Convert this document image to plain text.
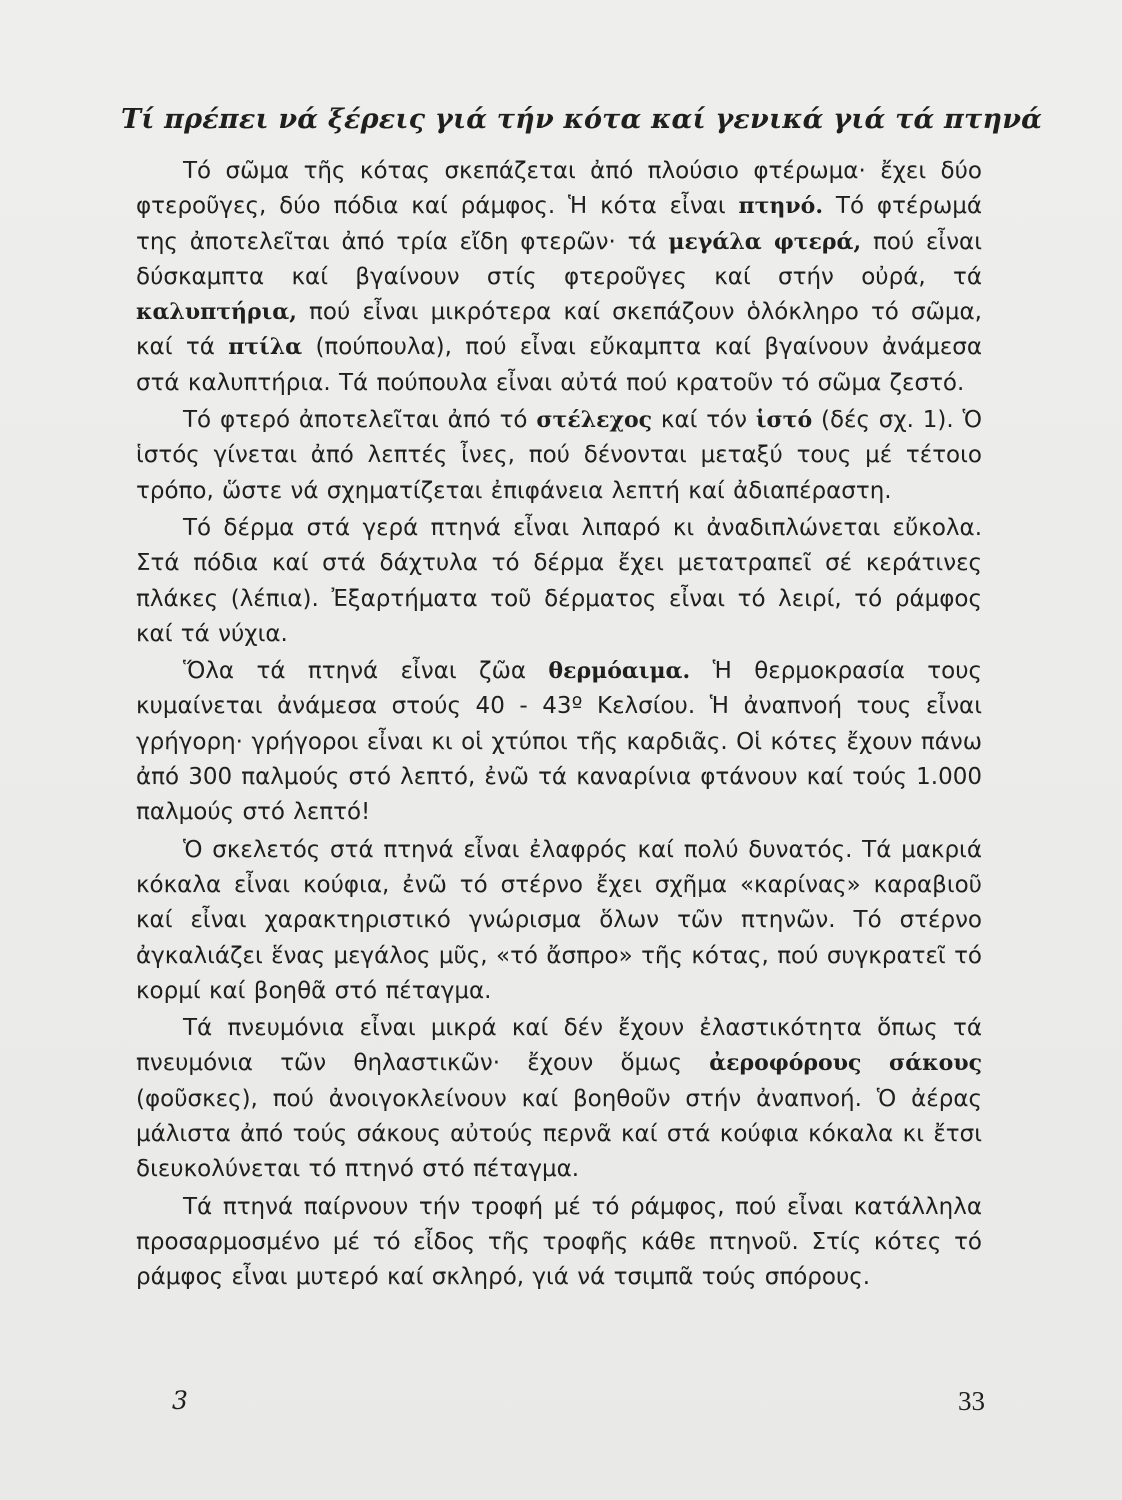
Τί πρέπει νά ξέρεις γιά τήν κότα καί γενικά γιά τά πτηνά

Τό σῶμα τῆς κότας σκεπάζεται ἀπό πλούσιο φτέρωμα· ἔχει δύο φτεροῦγες, δύο πόδια καί ράμφος. Ἡ κότα εἶναι πτηνό. Τό φτέρωμά της ἀποτελεῖται ἀπό τρία εἴδη φτερῶν· τά μεγάλα φτερά, πού εἶναι δύσκαμπτα καί βγαίνουν στίς φτεροῦγες καί στήν οὐρά, τά καλυπτήρια, πού εἶναι μικρότερα καί σκεπάζουν ὁλόκληρο τό σῶμα, καί τά πτίλα (πούπουλα), πού εἶναι εὔκαμπτα καί βγαίνουν ἀνάμεσα στά καλυπτήρια. Τά πούπουλα εἶναι αὐτά πού κρατοῦν τό σῶμα ζεστό.

Τό φτερό ἀποτελεῖται ἀπό τό στέλεχος καί τόν ἱστό (δές σχ. 1). Ὁ ἱστός γίνεται ἀπό λεπτές ἶνες, πού δένονται μεταξύ τους μέ τέτοιο τρόπο, ὥστε νά σχηματίζεται ἐπιφάνεια λεπτή καί ἀδιαπέραστη.

Τό δέρμα στά γερά πτηνά εἶναι λιπαρό κι ἀναδιπλώνεται εὔκολα. Στά πόδια καί στά δάχτυλα τό δέρμα ἔχει μετατραπεῖ σέ κεράτινες πλάκες (λέπια). Ἐξαρτήματα τοῦ δέρματος εἶναι τό λειρί, τό ράμφος καί τά νύχια.

Ὅλα τά πτηνά εἶναι ζῶα θερμόαιμα. Ἡ θερμοκρασία τους κυμαίνεται ἀνάμεσα στούς 40 - 43º Κελσίου. Ἡ ἀναπνοή τους εἶναι γρήγορη· γρήγοροι εἶναι κι οἱ χτύποι τῆς καρδιᾶς. Οἱ κότες ἔχουν πάνω ἀπό 300 παλμούς στό λεπτό, ἐνῶ τά καναρίνια φτάνουν καί τούς 1.000 παλμούς στό λεπτό!

Ὁ σκελετός στά πτηνά εἶναι ἐλαφρός καί πολύ δυνατός. Τά μακριά κόκαλα εἶναι κούφια, ἐνῶ τό στέρνο ἔχει σχῆμα «καρίνας» καραβιοῦ καί εἶναι χαρακτηριστικό γνώρισμα ὅλων τῶν πτηνῶν. Τό στέρνο ἀγκαλιάζει ἕνας μεγάλος μῦς, «τό ἄσπρο» τῆς κότας, πού συγκρατεῖ τό κορμί καί βοηθᾶ στό πέταγμα.

Τά πνευμόνια εἶναι μικρά καί δέν ἔχουν ἐλαστικότητα ὅπως τά πνευμόνια τῶν θηλαστικῶν· ἔχουν ὅμως ἀεροφόρους σάκους (φοῦσκες), πού ἀνοιγοκλείνουν καί βοηθοῦν στήν ἀναπνοή. Ὁ ἀέρας μάλιστα ἀπό τούς σάκους αὐτούς περνᾶ καί στά κούφια κόκαλα κι ἔτσι διευκολύνεται τό πτηνό στό πέταγμα.

Τά πτηνά παίρνουν τήν τροφή μέ τό ράμφος, πού εἶναι κατάλληλα προσαρμοσμένο μέ τό εἶδος τῆς τροφῆς κάθε πτηνοῦ. Στίς κότες τό ράμφος εἶναι μυτερό καί σκληρό, γιά νά τσιμπᾶ τούς σπόρους.

3	33
